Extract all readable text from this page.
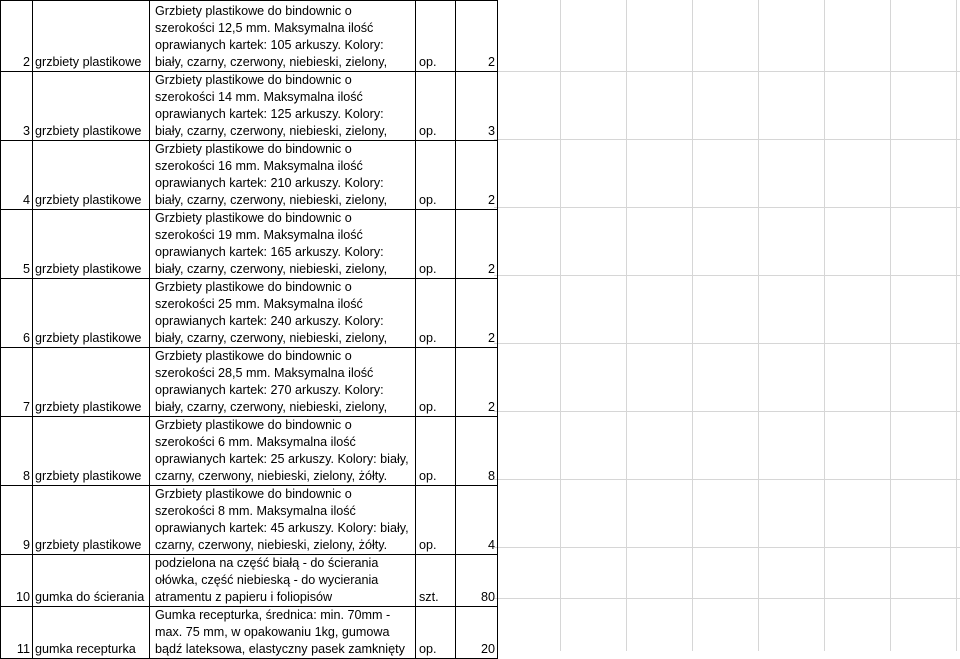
2	grzbiety plastikowe	Grzbiety plastikowe do bindownic o
szerokości 12,5 mm. Maksymalna ilość
oprawianych kartek: 105 arkuszy. Kolory:
biały, czarny, czerwony, niebieski, zielony,	op.	2
3	grzbiety plastikowe	Grzbiety plastikowe do bindownic o
szerokości 14 mm. Maksymalna ilość
oprawianych kartek: 125 arkuszy. Kolory:
biały, czarny, czerwony, niebieski, zielony,	op.	3
4	grzbiety plastikowe	Grzbiety plastikowe do bindownic o
szerokości 16 mm. Maksymalna ilość
oprawianych kartek: 210 arkuszy. Kolory:
biały, czarny, czerwony, niebieski, zielony,	op.	2
5	grzbiety plastikowe	Grzbiety plastikowe do bindownic o
szerokości 19 mm. Maksymalna ilość
oprawianych kartek: 165 arkuszy. Kolory:
biały, czarny, czerwony, niebieski, zielony,	op.	2
6	grzbiety plastikowe	Grzbiety plastikowe do bindownic o
szerokości 25 mm. Maksymalna ilość
oprawianych kartek: 240 arkuszy. Kolory:
biały, czarny, czerwony, niebieski, zielony,	op.	2
7	grzbiety plastikowe	Grzbiety plastikowe do bindownic o
szerokości 28,5 mm. Maksymalna ilość
oprawianych kartek: 270 arkuszy. Kolory:
biały, czarny, czerwony, niebieski, zielony,	op.	2
8	grzbiety plastikowe	Grzbiety plastikowe do bindownic o
szerokości 6 mm. Maksymalna ilość
oprawianych kartek: 25 arkuszy. Kolory: biały,
czarny, czerwony, niebieski, zielony, żółty.	op.	8
9	grzbiety plastikowe	Grzbiety plastikowe do bindownic o
szerokości 8 mm. Maksymalna ilość
oprawianych kartek: 45 arkuszy. Kolory: biały,
czarny, czerwony, niebieski, zielony, żółty.	op.	4
10	gumka do ścierania	podzielona na część białą - do ścierania
ołówka, część niebieską - do wycierania
atramentu z papieru i foliopisów	szt.	80
11	gumka recepturka	Gumka recepturka, średnica: min. 70mm -
max. 75 mm, w opakowaniu 1kg, gumowa
bądź lateksowa, elastyczny pasek zamknięty	op.	20
